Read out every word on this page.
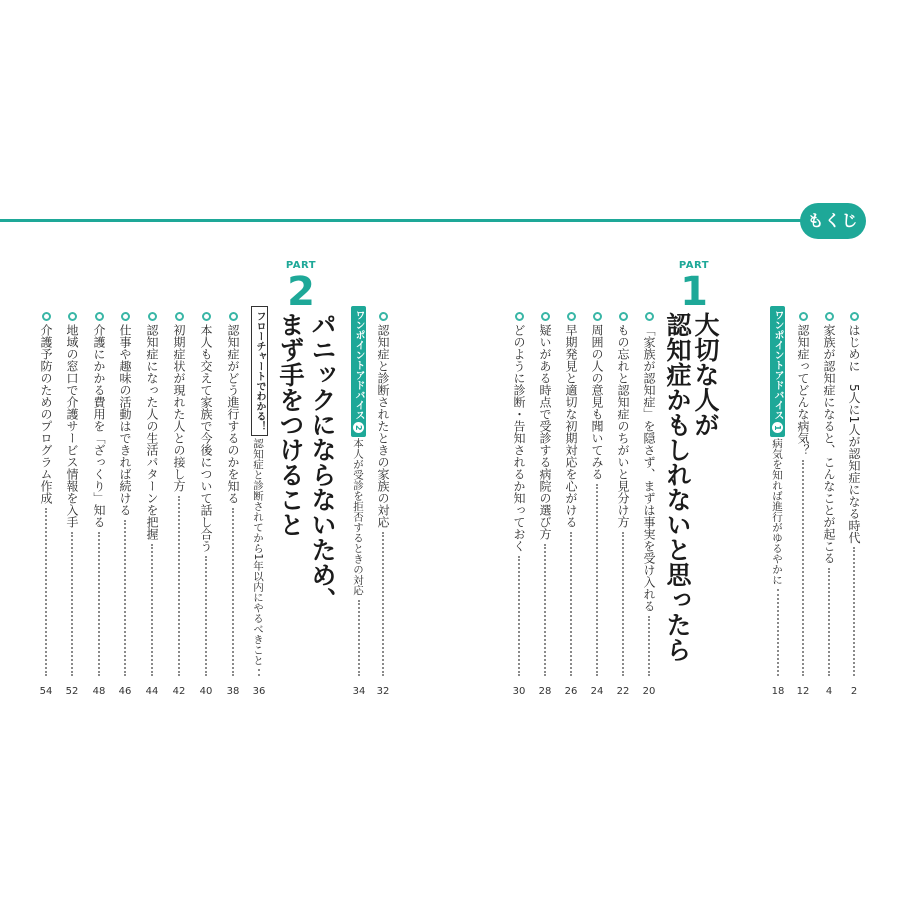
もくじ
PART
1
大切な人が
認知症かもしれないと思ったら
PART
2
パニックにならないため、
まず手をつけること
フローチャートでわかる！	はじめに　5人に1人が認知症になる時代
2
家族が認知症になると、こんなことが起こる
4
認知症ってどんな病気？
12
ワンポイントアドバイス1
病気を知れば進行がゆるやかに
18
「家族が認知症」を隠さず、まずは事実を受け入れる
20
もの忘れと認知症のちがいと見分け方
22
周囲の人の意見も聞いてみる
24
早期発見と適切な初期対応を心がける
26
疑いがある時点で受診する病院の選び方
28
どのように診断・告知されるか知っておく
30
認知症と診断されたときの家族の対応
32
ワンポイントアドバイス2
本人が受診を拒否するときの対応
34
認知症と診断されてから1年以内にやるべきこと
36
認知症がどう進行するのかを知る
38
本人も交えて家族で今後について話し合う
40
初期症状が現れた人との接し方
42
認知症になった人の生活パターンを把握
44
仕事や趣味の活動はできれば続ける
46
介護にかかる費用を「ざっくり」知る
48
地域の窓口で介護サービス情報を入手
52
介護予防のためのプログラム作成
54
